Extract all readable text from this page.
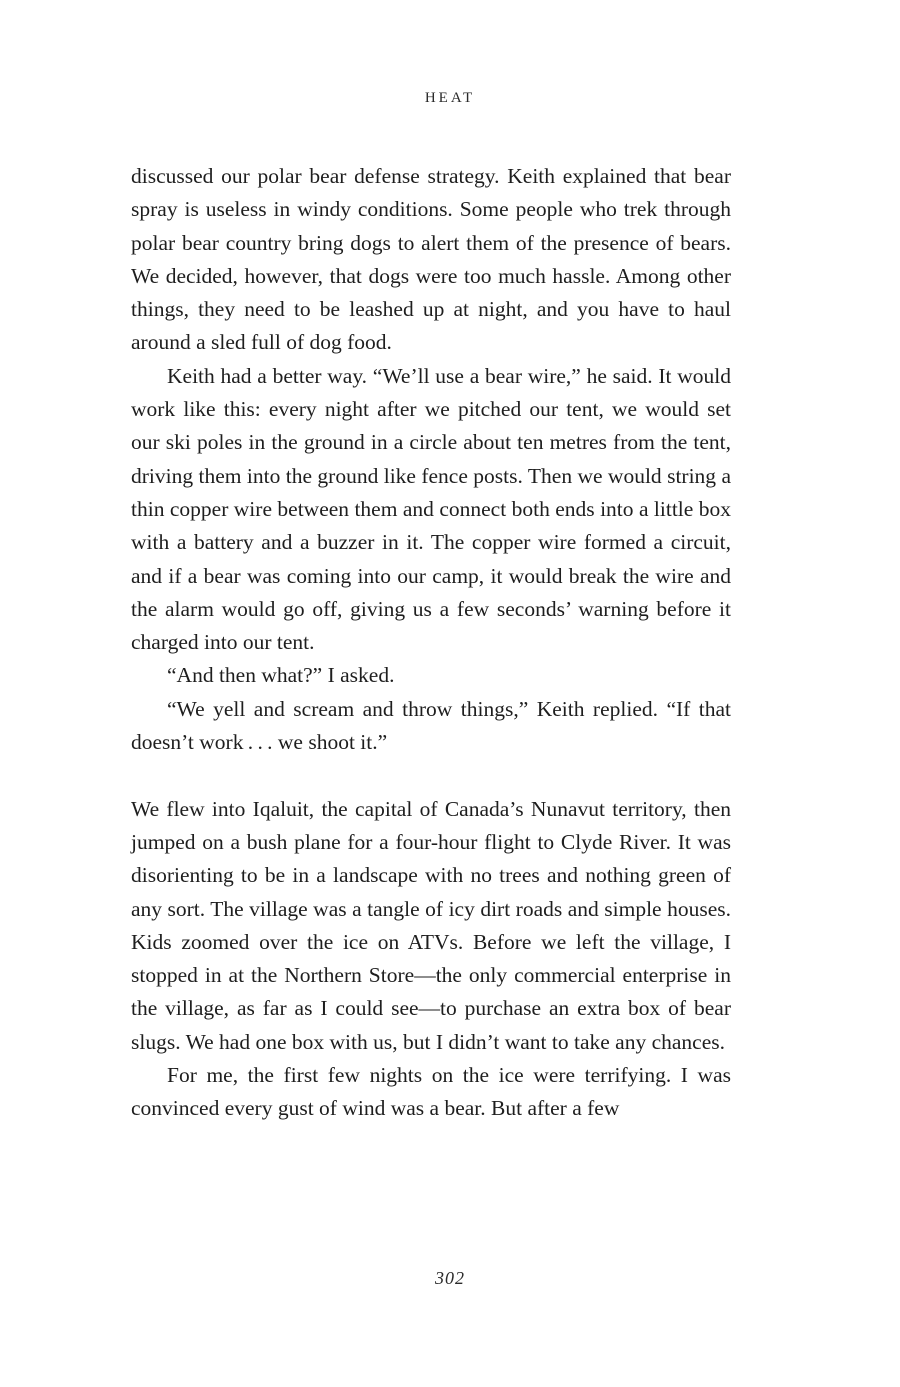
HEAT

discussed our polar bear defense strategy. Keith explained that bear spray is useless in windy conditions. Some people who trek through polar bear country bring dogs to alert them of the presence of bears. We decided, however, that dogs were too much hassle. Among other things, they need to be leashed up at night, and you have to haul around a sled full of dog food.

Keith had a better way. “We’ll use a bear wire,” he said. It would work like this: every night after we pitched our tent, we would set our ski poles in the ground in a circle about ten metres from the tent, driving them into the ground like fence posts. Then we would string a thin copper wire between them and connect both ends into a little box with a battery and a buzzer in it. The copper wire formed a circuit, and if a bear was coming into our camp, it would break the wire and the alarm would go off, giving us a few seconds’ warning before it charged into our tent.

“And then what?” I asked.

“We yell and scream and throw things,” Keith replied. “If that doesn’t work . . . we shoot it.”

We flew into Iqaluit, the capital of Canada’s Nunavut territory, then jumped on a bush plane for a four-hour flight to Clyde River. It was disorienting to be in a landscape with no trees and nothing green of any sort. The village was a tangle of icy dirt roads and simple houses. Kids zoomed over the ice on ATVs. Before we left the village, I stopped in at the Northern Store—the only commercial enterprise in the village, as far as I could see—to purchase an extra box of bear slugs. We had one box with us, but I didn’t want to take any chances.

For me, the first few nights on the ice were terrifying. I was convinced every gust of wind was a bear. But after a few

302
